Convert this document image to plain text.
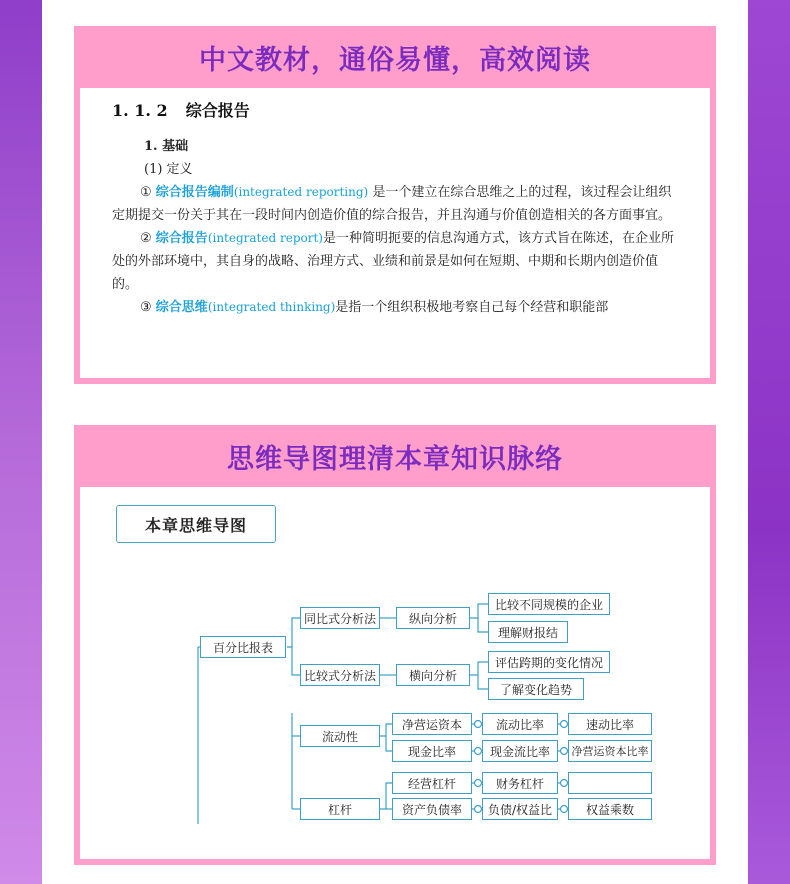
中文教材，通俗易懂，高效阅读
1. 1. 2 综合报告

1. 基础

(1) 定义

① 综合报告编制(integrated reporting) 是一个建立在综合思维之上的过程，该过程会让组织定期提交一份关于其在一段时间内创造价值的综合报告，并且沟通与价值创造相关的各方面事宜。

② 综合报告(integrated report)是一种简明扼要的信息沟通方式，该方式旨在陈述，在企业所处的外部环境中，其自身的战略、治理方式、业绩和前景是如何在短期、中期和长期内创造价值的。

③ 综合思维(integrated thinking)是指一个组织积极地考察自己每个经营和职能部

思维导图理清本章知识脉络
本章思维导图
百分比报表
同比式分析法	纵向分析
比较不同规模的企业
理解财报结
比较式分析法	横向分析
评估跨期的变化情况
了解变化趋势
流动性
净营运资本	流动比率	速动比率
现金比率	现金流比率	净营运资本比率
杠杆
经营杠杆	财务杠杆
资产负债率	负债/权益比	权益乘数
